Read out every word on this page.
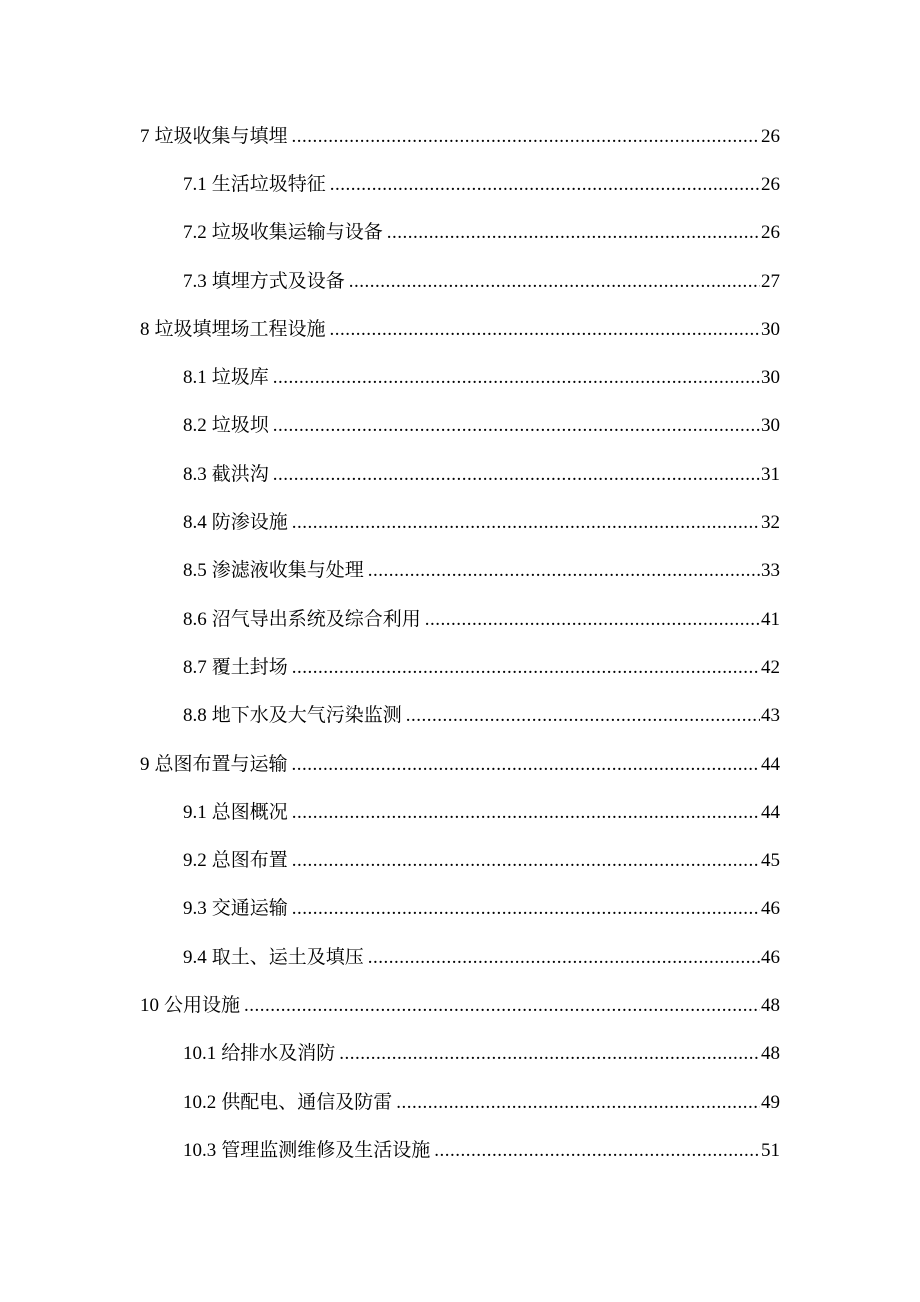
7 垃圾收集与填埋 .....	26
7.1 生活垃圾特征 .....	26
7.2 垃圾收集运输与设备 .....	26
7.3 填埋方式及设备 .....	27
8 垃圾填埋场工程设施 .....	30
8.1 垃圾库 .....	30
8.2 垃圾坝 .....	30
8.3 截洪沟 .....	31
8.4 防渗设施 .....	32
8.5 渗滤液收集与处理 .....	33
8.6 沼气导出系统及综合利用 .....	41
8.7 覆土封场 .....	42
8.8 地下水及大气污染监测 .....	43
9 总图布置与运输 .....	44
9.1 总图概况 .....	44
9.2 总图布置 .....	45
9.3 交通运输 .....	46
9.4 取土、运土及填压 .....	46
10 公用设施 .....	48
10.1 给排水及消防 .....	48
10.2 供配电、通信及防雷 .....	49
10.3 管理监测维修及生活设施 .....	51
